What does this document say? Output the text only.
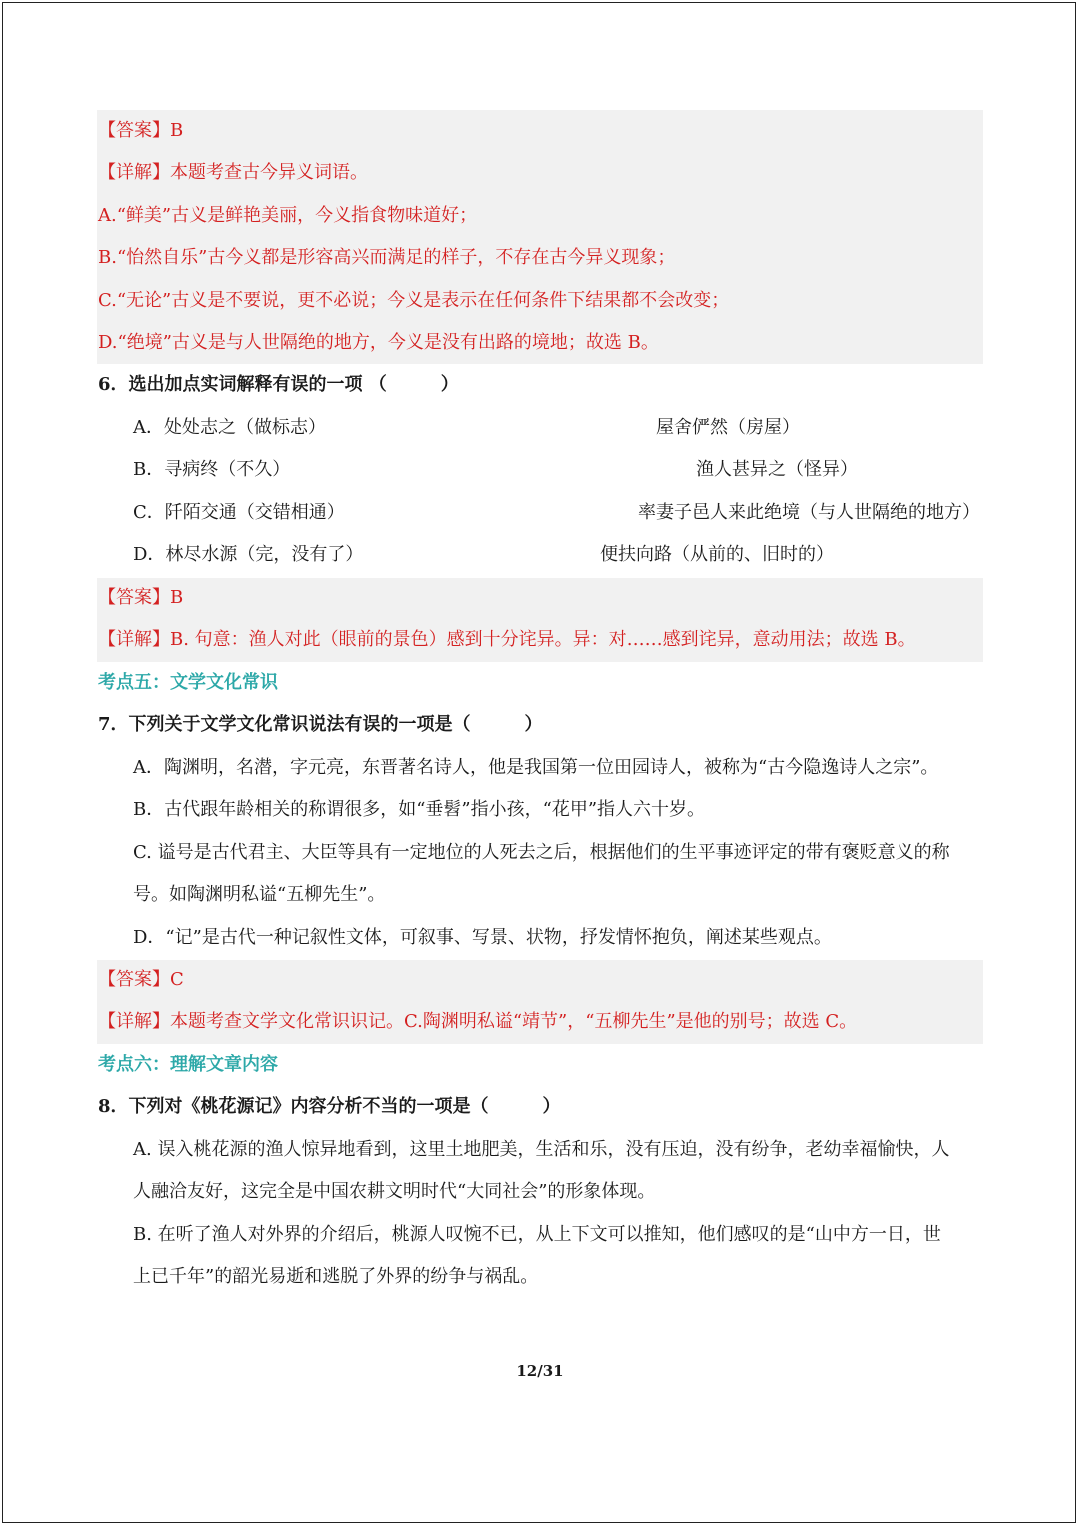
【答案】B
【详解】本题考查古今异义词语。
A.“鲜美”古义是鲜艳美丽，今义指食物味道好；
B.“怡然自乐”古今义都是形容高兴而满足的样子，不存在古今异义现象；
C.“无论”古义是不要说，更不必说；今义是表示在任何条件下结果都不会改变；
D.“绝境”古义是与人世隔绝的地方，今义是没有出路的境地；故选 B。
6．选出加点实词解释有误的一项 （　　　）
A．处处志之（做标志）	屋舍俨然（房屋）
B．寻病终（不久）	渔人甚异之（怪异）
C．阡陌交通（交错相通）	率妻子邑人来此绝境（与人世隔绝的地方）
D．林尽水源（完，没有了）	便扶向路（从前的、旧时的）
【答案】B
【详解】B. 句意：渔人对此（眼前的景色）感到十分诧异。异：对……感到诧异，意动用法；故选 B。
考点五：文学文化常识
7．下列关于文学文化常识说法有误的一项是（　　　）
A．陶渊明，名潜，字元亮，东晋著名诗人，他是我国第一位田园诗人，被称为“古今隐逸诗人之宗”。
B．古代跟年龄相关的称谓很多，如“垂髫”指小孩，“花甲”指人六十岁。
C. 谥号是古代君主、大臣等具有一定地位的人死去之后，根据他们的生平事迹评定的带有褒贬意义的称
号。如陶渊明私谥“五柳先生”。
D．“记”是古代一种记叙性文体，可叙事、写景、状物，抒发情怀抱负，阐述某些观点。
【答案】C
【详解】本题考查文学文化常识识记。C.陶渊明私谥“靖节”，“五柳先生”是他的别号；故选 C。
考点六：理解文章内容
8．下列对《桃花源记》内容分析不当的一项是（　　　）
A. 误入桃花源的渔人惊异地看到，这里土地肥美，生活和乐，没有压迫，没有纷争，老幼幸福愉快，人
人融洽友好，这完全是中国农耕文明时代“大同社会”的形象体现。
B. 在听了渔人对外界的介绍后，桃源人叹惋不已，从上下文可以推知，他们感叹的是“山中方一日，世
上已千年”的韶光易逝和逃脱了外界的纷争与祸乱。
12/31
